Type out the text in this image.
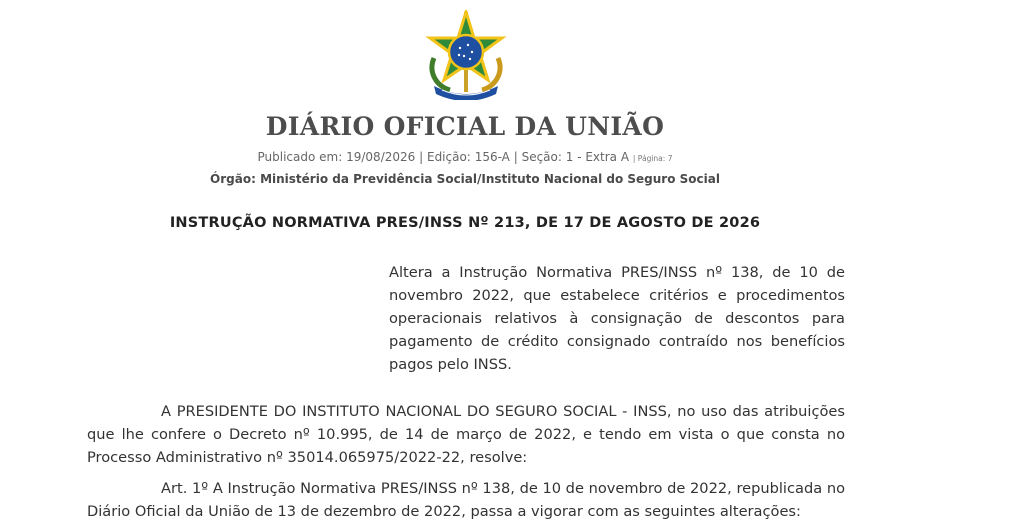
DIÁRIO OFICIAL DA UNIÃO
Publicado em: 19/08/2026 | Edição: 156-A | Seção: 1 - Extra A | Página: 7
Órgão: Ministério da Previdência Social/Instituto Nacional do Seguro Social
INSTRUÇÃO NORMATIVA PRES/INSS Nº 213, DE 17 DE AGOSTO DE 2026
Altera a Instrução Normativa PRES/INSS nº 138, de 10 de novembro 2022, que estabelece critérios e procedimentos operacionais relativos à consignação de descontos para pagamento de crédito consignado contraído nos benefícios pagos pelo INSS.
A PRESIDENTE DO INSTITUTO NACIONAL DO SEGURO SOCIAL - INSS, no uso das atribuições que lhe confere o Decreto nº 10.995, de 14 de março de 2022, e tendo em vista o que consta no Processo Administrativo nº 35014.065975/2022-22, resolve:
Art. 1º A Instrução Normativa PRES/INSS nº 138, de 10 de novembro de 2022, republicada no Diário Oficial da União de 13 de dezembro de 2022, passa a vigorar com as seguintes alterações:
